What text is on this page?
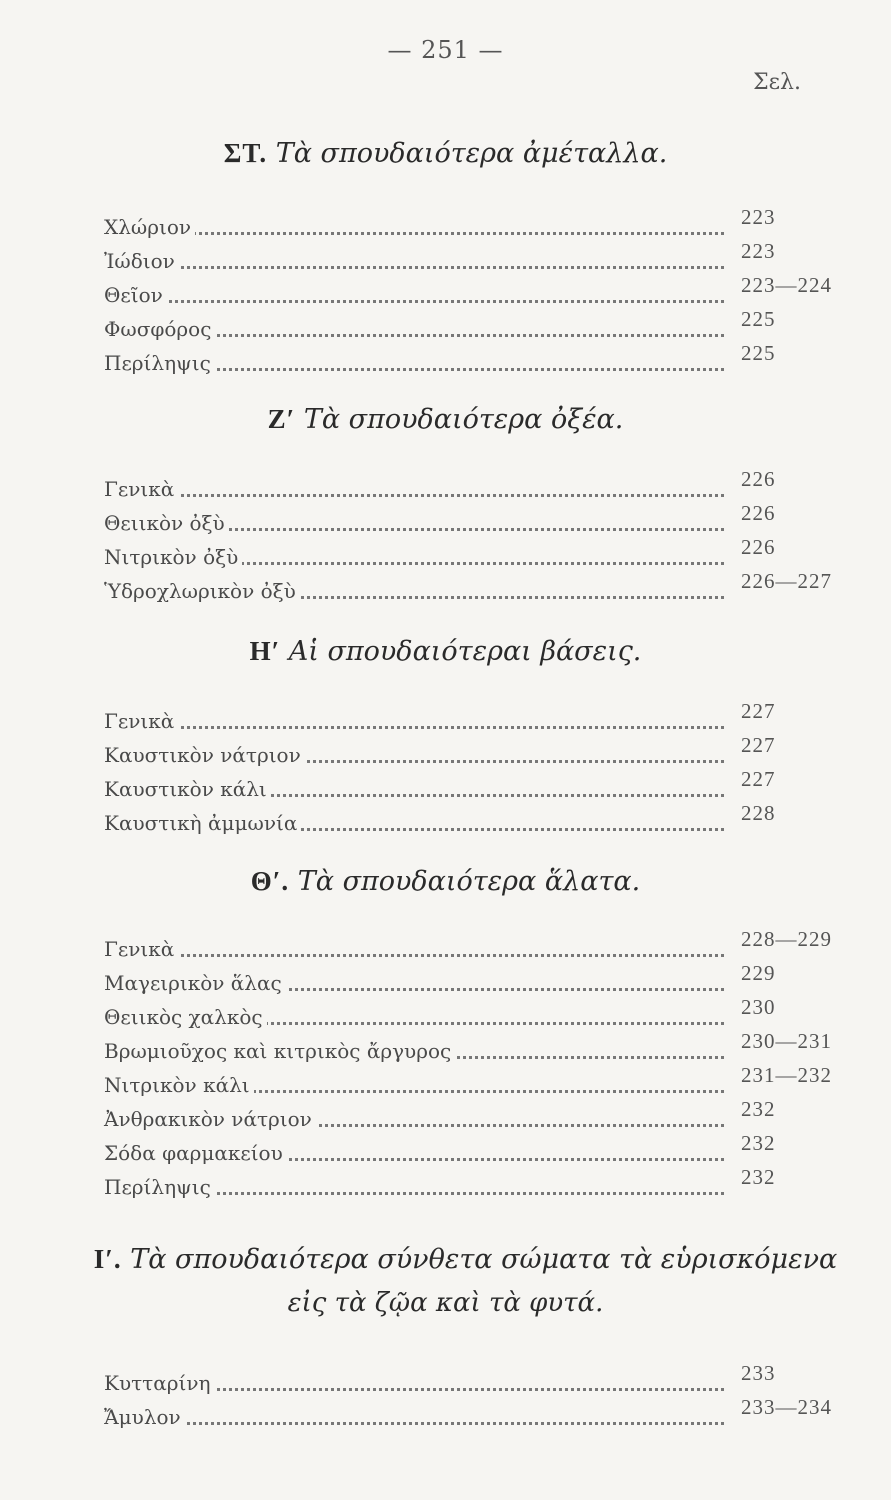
— 251 —
Σελ.
ΣΤ. Τὰ σπουδαιότερα ἀμέταλλα.
Χλώριον	223
Ἰώδιον	223
Θεῖον	223—224
Φωσφόρος	225
Περίληψις	225
Ζ′ Τὰ σπουδαιότερα ὀξέα.
Γενικὰ	226
Θειικὸν ὀξὺ	226
Νιτρικὸν ὀξὺ	226
Ὑδροχλωρικὸν ὀξὺ	226—227
Η′ Αἱ σπουδαιότεραι βάσεις.
Γενικὰ	227
Καυστικὸν νάτριον	227
Καυστικὸν κάλι	227
Καυστικὴ ἀμμωνία	228
Θ′. Τὰ σπουδαιότερα ἅλατα.
Γενικὰ	228—229
Μαγειρικὸν ἅλας	229
Θειικὸς χαλκὸς	230
Βρωμιοῦχος καὶ κιτρικὸς ἄργυρος	230—231
Νιτρικὸν κάλι	231—232
Ἀνθρακικὸν νάτριον	232
Σόδα φαρμακείου	232
Περίληψις	232
Ι′. Τὰ σπουδαιότερα σύνθετα σώματα τὰ εὑρισκόμενα
εἰς τὰ ζῷα καὶ τὰ φυτά.
Κυτταρίνη	233
Ἄμυλον	233—234
